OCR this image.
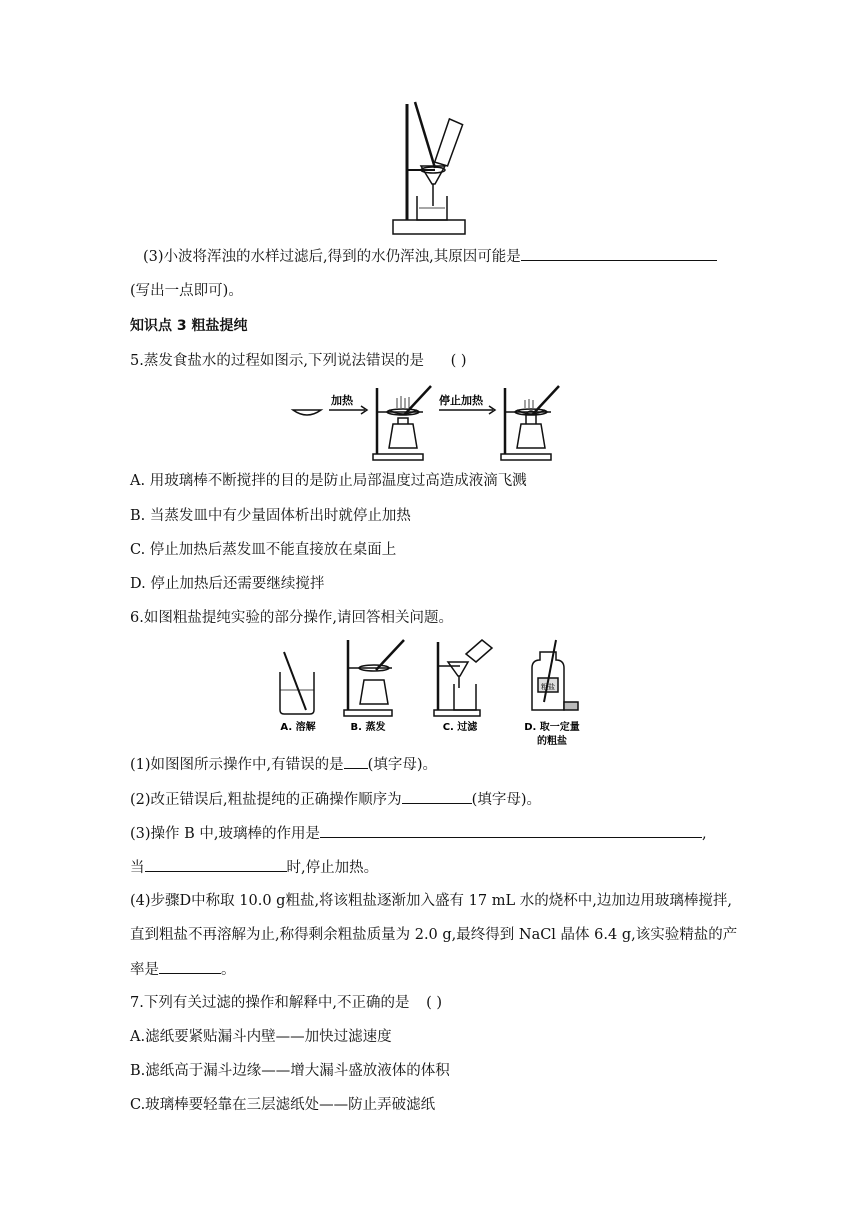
(3)小波将浑浊的水样过滤后,得到的水仍浑浊,其原因可能是
(写出一点即可)。
知识点 3 粗盐提纯
5.蒸发食盐水的过程如图示,下列说法错误的是 ( )
加热	停止加热
A. 用玻璃棒不断搅拌的目的是防止局部温度过高造成液滴飞溅
B. 当蒸发皿中有少量固体析出时就停止加热
C. 停止加热后蒸发皿不能直接放在桌面上
D. 停止加热后还需要继续搅拌
6.如图粗盐提纯实验的部分操作,请回答相关问题。
A. 溶解	B. 蒸发	C. 过滤	D. 取一定量
的粗盐
粗盐
(1)如图图所示操作中,有错误的是 (填字母)。
(2)改正错误后,粗盐提纯的正确操作顺序为	(填字母)。
(3)操作 B 中,玻璃棒的作用是	,
当	时,停止加热。
(4)步骤D中称取 10.0 g粗盐,将该粗盐逐渐加入盛有 17 mL 水的烧杯中,边加边用玻璃棒搅拌,
直到粗盐不再溶解为止,称得剩余粗盐质量为 2.0 g,最终得到 NaCl 晶体 6.4 g,该实验精盐的产
率是	。
7.下列有关过滤的操作和解释中,不正确的是 ( )
A.滤纸要紧贴漏斗内壁——加快过滤速度
B.滤纸高于漏斗边缘——增大漏斗盛放液体的体积
C.玻璃棒要轻靠在三层滤纸处——防止弄破滤纸
